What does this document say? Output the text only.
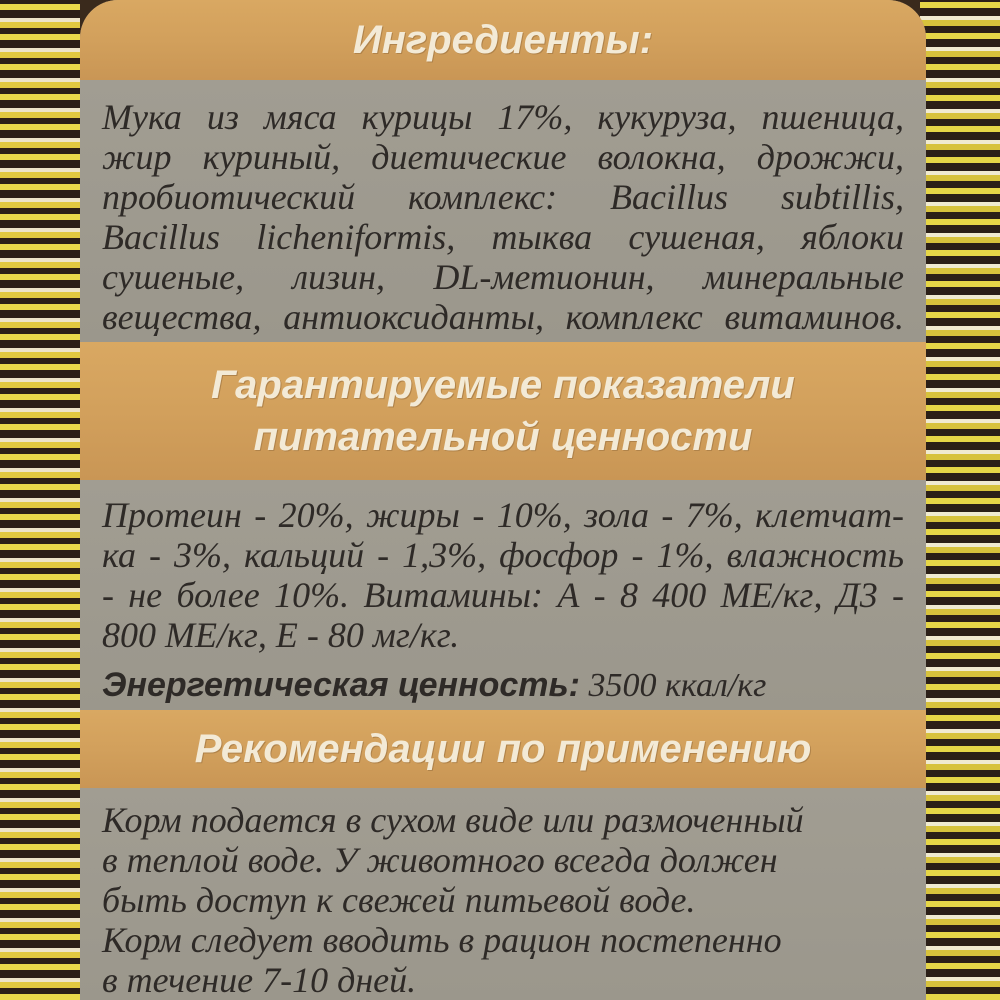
Ингредиенты:
Мука из мяса курицы 17%, кукуруза, пшеница,
жир куриный, диетические волокна, дрожжи,
пробиотический комплекс: Bacillus subtillis,
Bacillus licheniformis, тыква сушеная, яблоки
сушеные, лизин, DL-метионин, минеральные
вещества, антиоксиданты, комплекс витаминов.
Гарантируемые показатели
питательной ценности
Протеин - 20%, жиры - 10%, зола - 7%, клетчат-
ка - 3%, кальций - 1,3%, фосфор - 1%, влажность
- не более 10%. Витамины: А - 8 400 МЕ/кг, Д3 -
800 МЕ/кг, Е - 80 мг/кг.
Энергетическая ценность: 3500 ккал/кг
Рекомендации по применению
Корм подается в сухом виде или размоченный
в теплой воде. У животного всегда должен
быть доступ к свежей питьевой воде.
Корм следует вводить в рацион постепенно
в течение 7-10 дней.
